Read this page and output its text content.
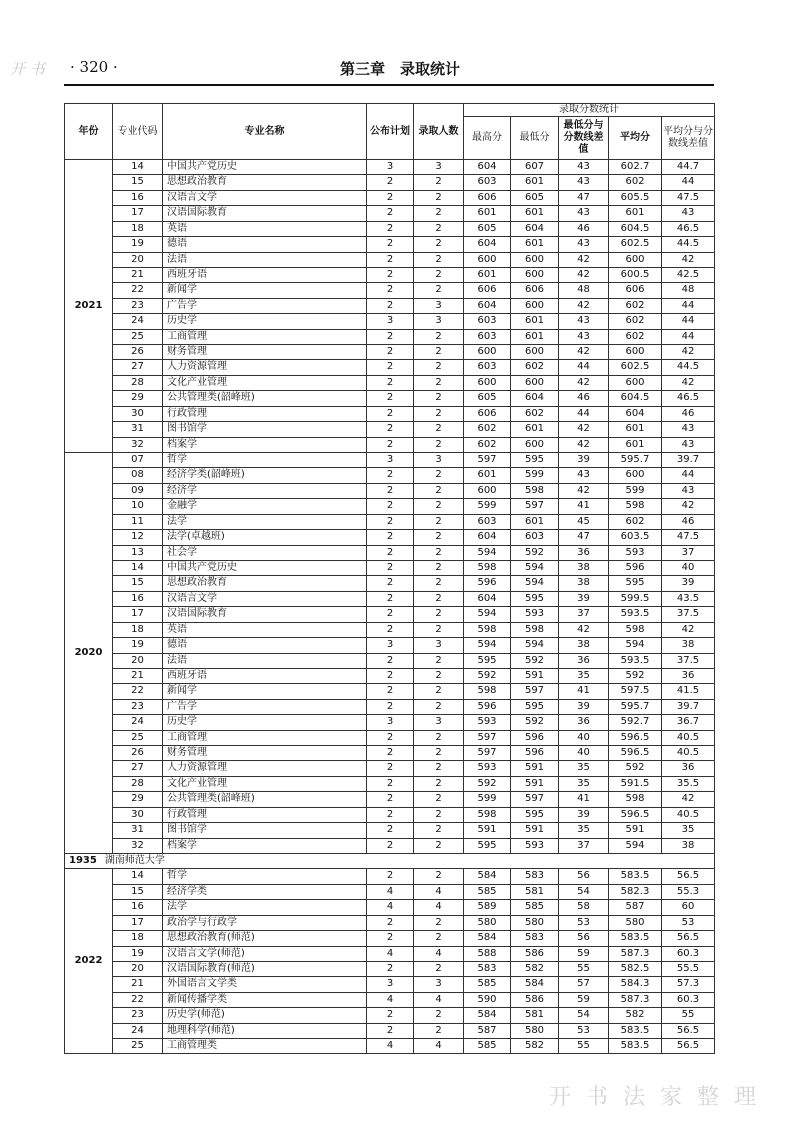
开 书 · 320 ·	第三章　录取统计
年份	专业代码	专业名称	公布计划	录取人数	录取分数统计				
					最高分	最低分	最低分与分数线差值	平均分	平均分与分数线差值
2021	14	中国共产党历史	3	3	604	607	43	602.7	44.7
	15	思想政治教育	2	2	603	601	43	602	44
	16	汉语言文学	2	2	606	605	47	605.5	47.5
	17	汉语国际教育	2	2	601	601	43	601	43
	18	英语	2	2	605	604	46	604.5	46.5
	19	德语	2	2	604	601	43	602.5	44.5
	20	法语	2	2	600	600	42	600	42
	21	西班牙语	2	2	601	600	42	600.5	42.5
	22	新闻学	2	2	606	606	48	606	48
	23	广告学	2	3	604	600	42	602	44
	24	历史学	3	3	603	601	43	602	44
	25	工商管理	2	2	603	601	43	602	44
	26	财务管理	2	2	600	600	42	600	42
	27	人力资源管理	2	2	603	602	44	602.5	44.5
	28	文化产业管理	2	2	600	600	42	600	42
	29	公共管理类(韶峰班)	2	2	605	604	46	604.5	46.5
	30	行政管理	2	2	606	602	44	604	46
	31	图书馆学	2	2	602	601	42	601	43
	32	档案学	2	2	602	600	42	601	43
2020	07	哲学	3	3	597	595	39	595.7	39.7
	08	经济学类(韶峰班)	2	2	601	599	43	600	44
	09	经济学	2	2	600	598	42	599	43
	10	金融学	2	2	599	597	41	598	42
	11	法学	2	2	603	601	45	602	46
	12	法学(卓越班)	2	2	604	603	47	603.5	47.5
	13	社会学	2	2	594	592	36	593	37
	14	中国共产党历史	2	2	598	594	38	596	40
	15	思想政治教育	2	2	596	594	38	595	39
	16	汉语言文学	2	2	604	595	39	599.5	43.5
	17	汉语国际教育	2	2	594	593	37	593.5	37.5
	18	英语	2	2	598	598	42	598	42
	19	德语	3	3	594	594	38	594	38
	20	法语	2	2	595	592	36	593.5	37.5
	21	西班牙语	2	2	592	591	35	592	36
	22	新闻学	2	2	598	597	41	597.5	41.5
	23	广告学	2	2	596	595	39	595.7	39.7
	24	历史学	3	3	593	592	36	592.7	36.7
	25	工商管理	2	2	597	596	40	596.5	40.5
	26	财务管理	2	2	597	596	40	596.5	40.5
	27	人力资源管理	2	2	593	591	35	592	36
	28	文化产业管理	2	2	592	591	35	591.5	35.5
	29	公共管理类(韶峰班)	2	2	599	597	41	598	42
	30	行政管理	2	2	598	595	39	596.5	40.5
	31	图书馆学	2	2	591	591	35	591	35
	32	档案学	2	2	595	593	37	594	38
1935 湖南师范大学									
2022	14	哲学	2	2	584	583	56	583.5	56.5
	15	经济学类	4	4	585	581	54	582.3	55.3
	16	法学	4	4	589	585	58	587	60
	17	政治学与行政学	2	2	580	580	53	580	53
	18	思想政治教育(师范)	2	2	584	583	56	583.5	56.5
	19	汉语言文学(师范)	4	4	588	586	59	587.3	60.3
	20	汉语国际教育(师范)	2	2	583	582	55	582.5	55.5
	21	外国语言文学类	3	3	585	584	57	584.3	57.3
	22	新闻传播学类	4	4	590	586	59	587.3	60.3
	23	历史学(师范)	2	2	584	581	54	582	55
	24	地理科学(师范)	2	2	587	580	53	583.5	56.5
	25	工商管理类	4	4	585	582	55	583.5	56.5
开 书 法 家 整 理
